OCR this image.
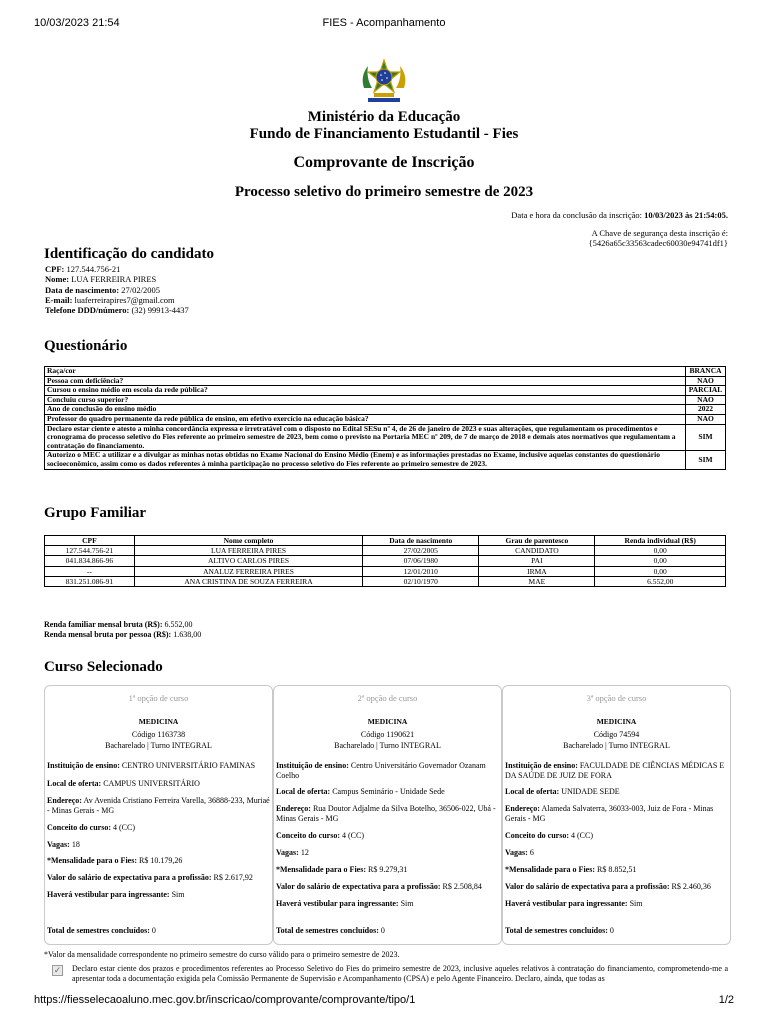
10/03/2023 21:54	FIES - Acompanhamento
Ministério da Educação
Fundo de Financiamento Estudantil - Fies
Comprovante de Inscrição
Processo seletivo do primeiro semestre de 2023
Data e hora da conclusão da inscrição: 10/03/2023 às 21:54:05.
A Chave de segurança desta inscrição é:
{5426a65c33563cadec60030e94741df1}
Identificação do candidato
CPF: 127.544.756-21
Nome: LUA FERREIRA PIRES
Data de nascimento: 27/02/2005
E-mail: luaferreirapires7@gmail.com
Telefone DDD/número: (32) 99913-4437
Questionário
Raça/cor	BRANCA
Pessoa com deficiência?	NAO
Cursou o ensino médio em escola da rede pública?	PARCIAL
Concluiu curso superior?	NAO
Ano de conclusão do ensino médio	2022
Professor do quadro permanente da rede pública de ensino, em efetivo exercício na educação básica?	NAO
Declaro estar ciente e atesto a minha concordância expressa e irretratável com o disposto no Edital SESu nº 4, de 26 de janeiro de 2023 e suas alterações, que regulamentam os procedimentos e cronograma do processo seletivo do Fies referente ao primeiro semestre de 2023, bem como o previsto na Portaria MEC nº 209, de 7 de março de 2018 e demais atos normativos que regulamentam a contratação do financiamento.	SIM
Autorizo o MEC a utilizar e a divulgar as minhas notas obtidas no Exame Nacional do Ensino Médio (Enem) e as informações prestadas no Exame, inclusive aquelas constantes do questionário socioeconômico, assim como os dados referentes à minha participação no processo seletivo do Fies referente ao primeiro semestre de 2023.	SIM
Grupo Familiar
CPF	Nome completo	Data de nascimento	Grau de parentesco	Renda individual (R$)
127.544.756-21	LUA FERREIRA PIRES	27/02/2005	CANDIDATO	0,00
041.834.866-96	ALTIVO CARLOS PIRES	07/06/1980	PAI	0,00
--	ANALUZ FERREIRA PIRES	12/01/2010	IRMA	0,00
831.251.086-91	ANA CRISTINA DE SOUZA FERREIRA	02/10/1970	MAE	6.552,00
Renda familiar mensal bruta (R$): 6.552,00
Renda mensal bruta por pessoa (R$): 1.638,00
Curso Selecionado
1ª opção de curso
MEDICINA
Código 1163738
Bacharelado | Turno INTEGRAL
Instituição de ensino: CENTRO UNIVERSITÁRIO FAMINAS
Local de oferta: CAMPUS UNIVERSITÁRIO
Endereço: Av Avenida Cristiano Ferreira Varella, 36888-233, Muriaé - Minas Gerais - MG
Conceito do curso: 4 (CC)
Vagas: 18
*Mensalidade para o Fies: R$ 10.179,26
Valor do salário de expectativa para a profissão: R$ 2.617,92
Haverá vestibular para ingressante: Sim
Total de semestres concluídos: 0
2ª opção de curso
MEDICINA
Código 1190621
Bacharelado | Turno INTEGRAL
Instituição de ensino: Centro Universitário Governador Ozanam Coelho
Local de oferta: Campus Seminário - Unidade Sede
Endereço: Rua Doutor Adjalme da Silva Botelho, 36506-022, Ubá - Minas Gerais - MG
Conceito do curso: 4 (CC)
Vagas: 12
*Mensalidade para o Fies: R$ 9.279,31
Valor do salário de expectativa para a profissão: R$ 2.508,84
Haverá vestibular para ingressante: Sim
Total de semestres concluídos: 0
3ª opção de curso
MEDICINA
Código 74594
Bacharelado | Turno INTEGRAL
Instituição de ensino: FACULDADE DE CIÊNCIAS MÉDICAS E DA SAÚDE DE JUIZ DE FORA
Local de oferta: UNIDADE SEDE
Endereço: Alameda Salvaterra, 36033-003, Juiz de Fora - Minas Gerais - MG
Conceito do curso: 4 (CC)
Vagas: 6
*Mensalidade para o Fies: R$ 8.852,51
Valor do salário de expectativa para a profissão: R$ 2.460,36
Haverá vestibular para ingressante: Sim
Total de semestres concluídos: 0
*Valor da mensalidade correspondente no primeiro semestre do curso válido para o primeiro semestre de 2023.
✓ Declaro estar ciente dos prazos e procedimentos referentes ao Processo Seletivo do Fies do primeiro semestre de 2023, inclusive aqueles relativos à contratação do financiamento, comprometendo-me a apresentar toda a documentação exigida pela Comissão Permanente de Supervisão e Acompanhamento (CPSA) e pelo Agente Financeiro. Declaro, ainda, que todas as
https://fiesselecaoaluno.mec.gov.br/inscricao/comprovante/comprovante/tipo/1	1/2
